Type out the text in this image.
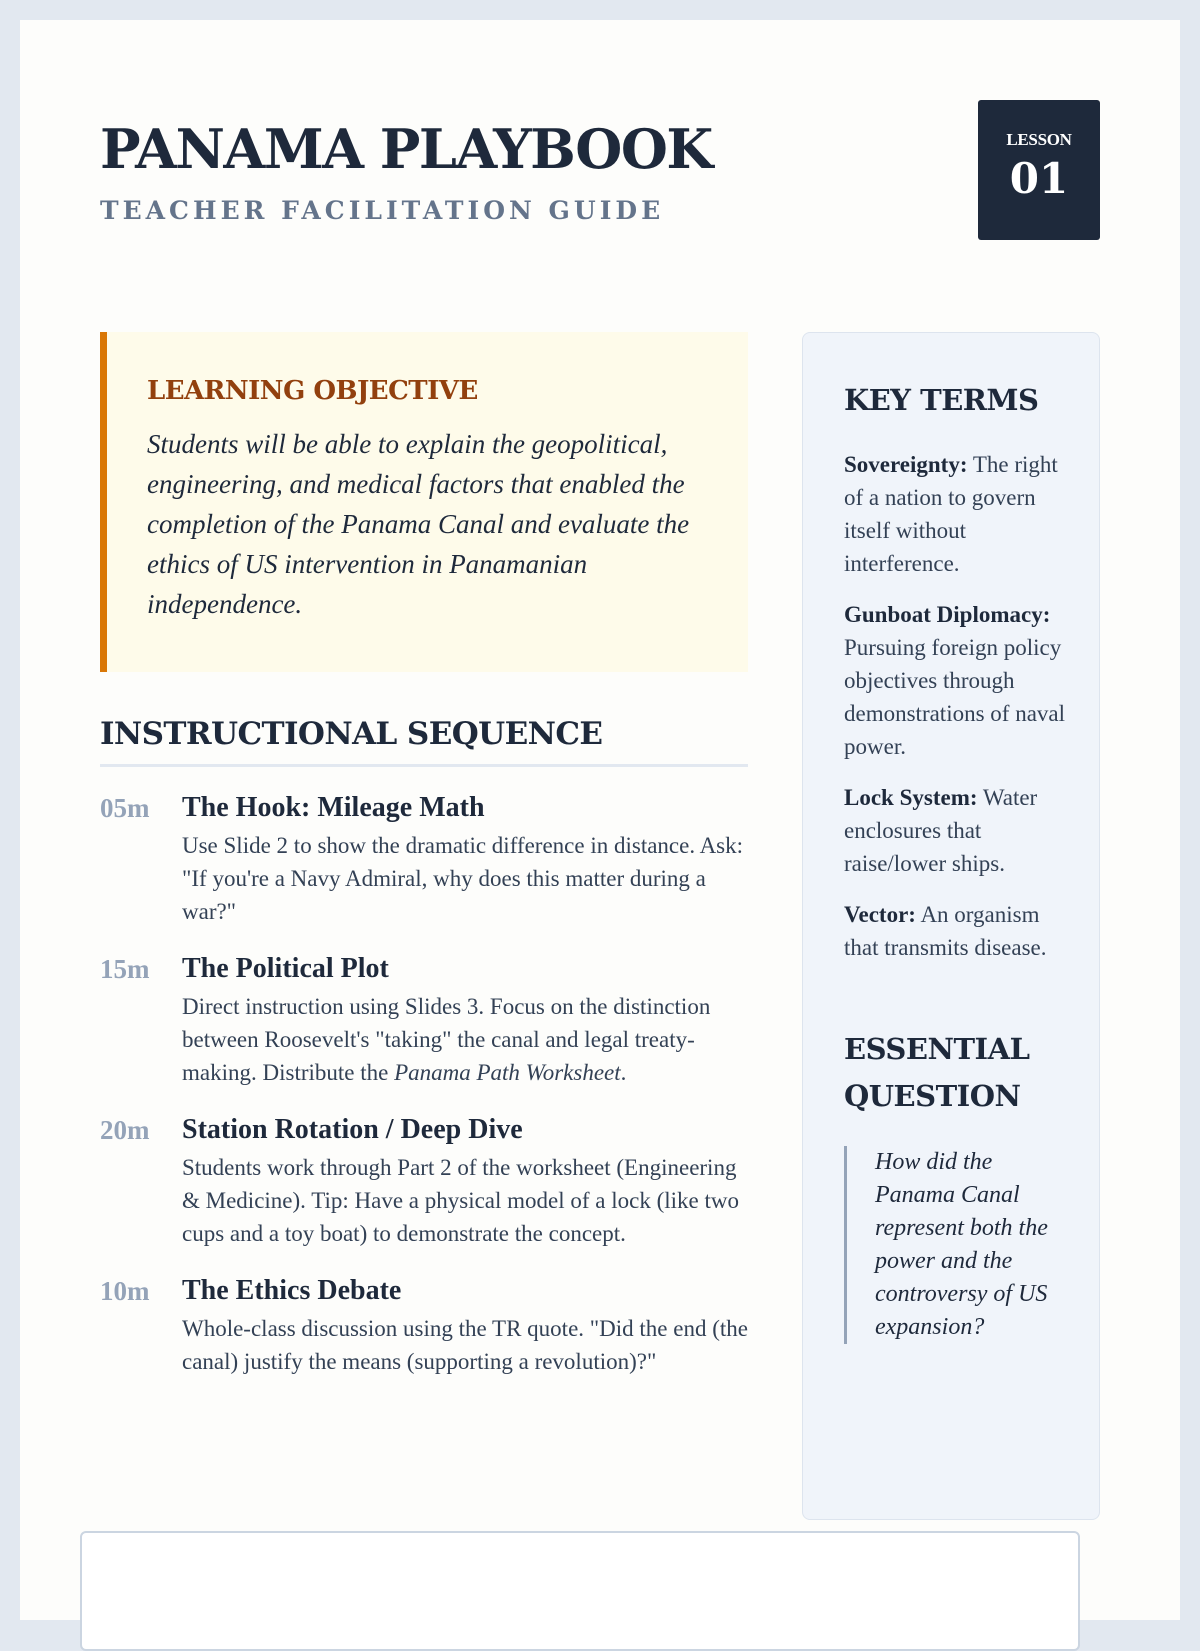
PANAMA PLAYBOOK
TEACHER FACILITATION GUIDE
LESSON
01
LEARNING OBJECTIVE

Students will be able to explain the geopolitical, engineering, and medical factors that enabled the completion of the Panama Canal and evaluate the ethics of US intervention in Panamanian independence.

INSTRUCTIONAL SEQUENCE
05m	The Hook: Mileage Math
Use Slide 2 to show the dramatic difference in distance. Ask: "If you're a Navy Admiral, why does this matter during a war?"
15m	The Political Plot
Direct instruction using Slides 3. Focus on the distinction between Roosevelt's "taking" the canal and legal treaty-making. Distribute the Panama Path Worksheet.
20m	Station Rotation / Deep Dive
Students work through Part 2 of the worksheet (Engineering & Medicine). Tip: Have a physical model of a lock (like two cups and a toy boat) to demonstrate the concept.
10m	The Ethics Debate
Whole-class discussion using the TR quote. "Did the end (the canal) justify the means (supporting a revolution)?"
KEY TERMS
Sovereignty: The right of a nation to govern itself without interference.
Gunboat Diplomacy: Pursuing foreign policy objectives through demonstrations of naval power.
Lock System: Water enclosures that raise/lower ships.
Vector: An organism that transmits disease.
ESSENTIAL QUESTION
How did the Panama Canal represent both the power and the controversy of US expansion?
